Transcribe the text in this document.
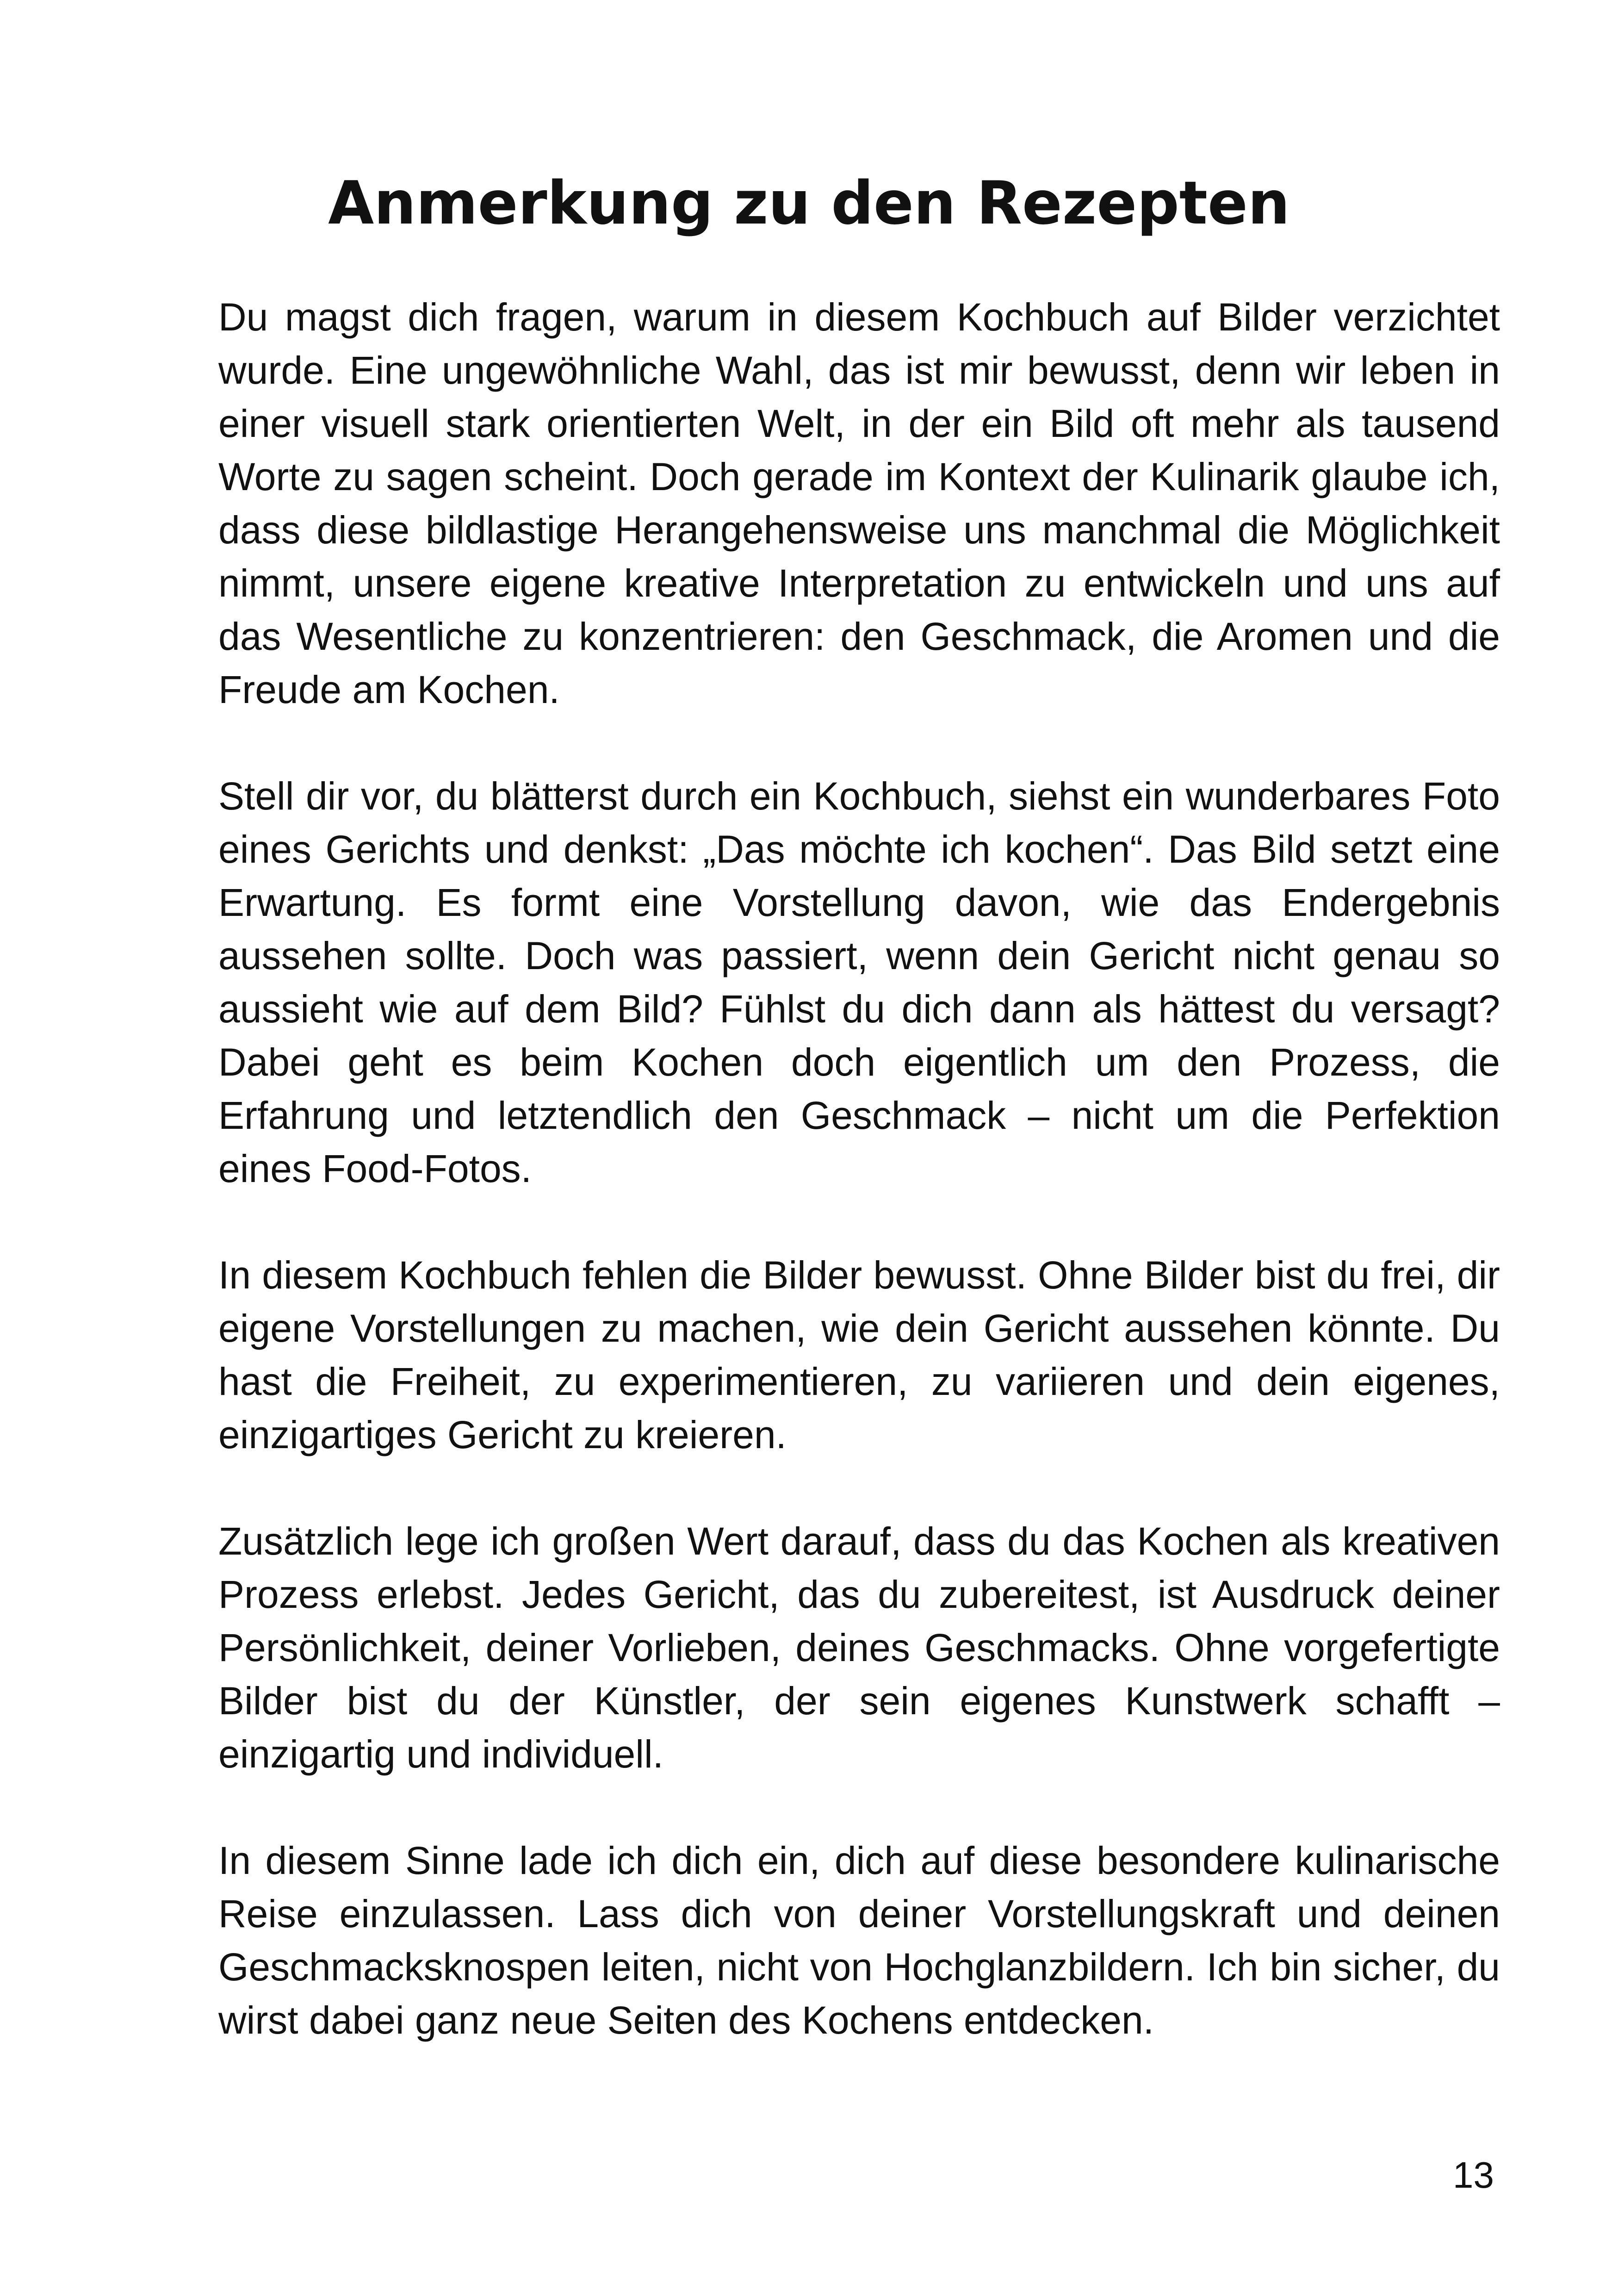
Anmerkung zu den Rezepten

Du magst dich fragen, warum in diesem Kochbuch auf Bilder verzichtet wurde. Eine ungewöhnliche Wahl, das ist mir bewusst, denn wir leben in einer visuell stark orientierten Welt, in der ein Bild oft mehr als tausend Worte zu sagen scheint. Doch gerade im Kontext der Kulinarik glaube ich, dass diese bildlastige Herangehensweise uns manchmal die Möglichkeit nimmt, unsere eigene kreative Interpretation zu entwickeln und uns auf das Wesentliche zu konzentrieren: den Geschmack, die Aromen und die Freude am Kochen.

Stell dir vor, du blätterst durch ein Kochbuch, siehst ein wunderbares Foto eines Gerichts und denkst: „Das möchte ich kochen“. Das Bild setzt eine Erwartung. Es formt eine Vorstellung davon, wie das Endergebnis aussehen sollte. Doch was passiert, wenn dein Gericht nicht genau so aussieht wie auf dem Bild? Fühlst du dich dann als hättest du versagt? Dabei geht es beim Kochen doch eigentlich um den Prozess, die Erfahrung und letztendlich den Geschmack – nicht um die Perfektion eines Food-Fotos.

In diesem Kochbuch fehlen die Bilder bewusst. Ohne Bilder bist du frei, dir eigene Vorstellungen zu machen, wie dein Gericht aussehen könnte. Du hast die Freiheit, zu experimentieren, zu variieren und dein eigenes, einzigartiges Gericht zu kreieren.

Zusätzlich lege ich großen Wert darauf, dass du das Kochen als kreativen Prozess erlebst. Jedes Gericht, das du zubereitest, ist Ausdruck deiner Persönlichkeit, deiner Vorlieben, deines Geschmacks. Ohne vorgefertigte Bilder bist du der Künstler, der sein eigenes Kunstwerk schafft – einzigartig und individuell.

In diesem Sinne lade ich dich ein, dich auf diese besondere kulinarische Reise einzulassen. Lass dich von deiner Vorstellungskraft und deinen Geschmacksknospen leiten, nicht von Hochglanzbildern. Ich bin sicher, du wirst dabei ganz neue Seiten des Kochens entdecken.

13
